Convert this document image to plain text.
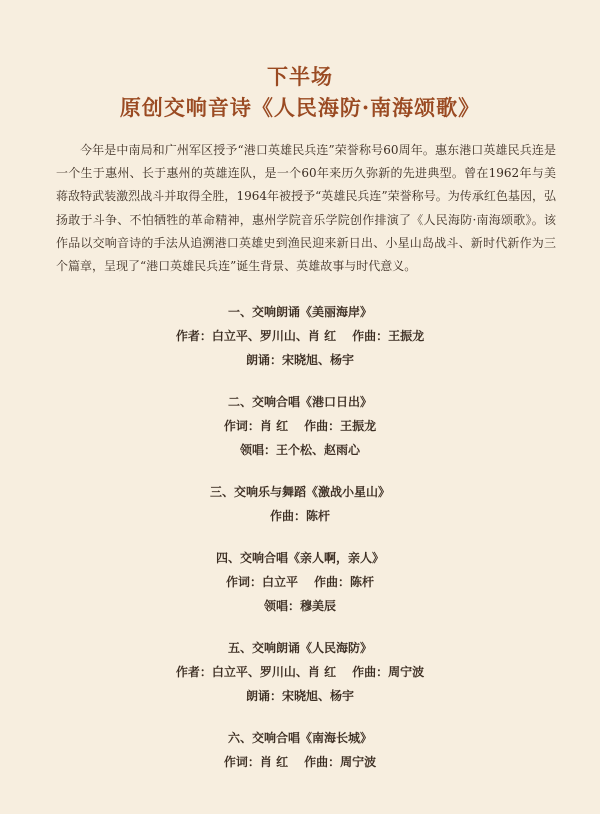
下半场
原创交响音诗《人民海防·南海颂歌》
今年是中南局和广州军区授予“港口英雄民兵连”荣誉称号60周年。惠东港口英雄民兵连是一个生于惠州、长于惠州的英雄连队，是一个60年来历久弥新的先进典型。曾在1962年与美蒋敌特武装激烈战斗并取得全胜，1964年被授予“英雄民兵连”荣誉称号。为传承红色基因，弘扬敢于斗争、不怕牺牲的革命精神，惠州学院音乐学院创作排演了《人民海防·南海颂歌》。该作品以交响音诗的手法从追溯港口英雄史到渔民迎来新日出、小星山岛战斗、新时代新作为三个篇章，呈现了“港口英雄民兵连”诞生背景、英雄故事与时代意义。
一、交响朗诵《美丽海岸》
作者：白立平、罗川山、肖 红 作曲：王振龙
朗诵：宋晓旭、杨宇
二、交响合唱《港口日出》
作词：肖 红 作曲：王振龙
领唱：王个松、赵雨心
三、交响乐与舞蹈《激战小星山》
作曲：陈杆
四、交响合唱《亲人啊，亲人》
作词：白立平 作曲：陈杆
领唱：穆美辰
五、交响朗诵《人民海防》
作者：白立平、罗川山、肖 红 作曲：周宁波
朗诵：宋晓旭、杨宇
六、交响合唱《南海长城》
作词：肖 红 作曲：周宁波
